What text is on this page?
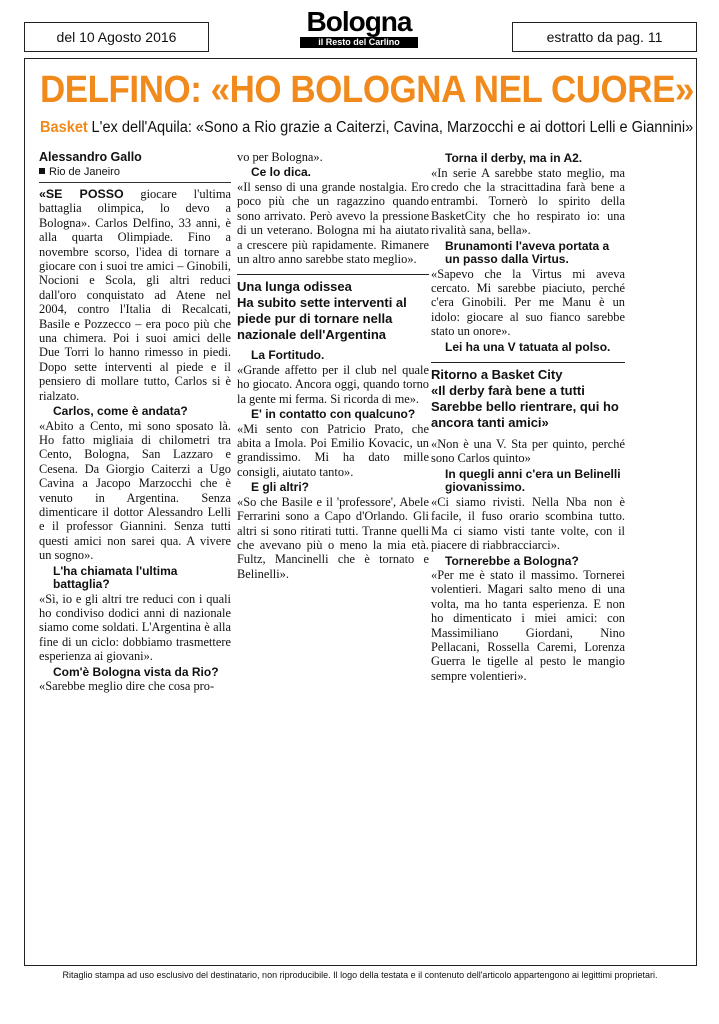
del 10 Agosto 2016	Bologna
il Resto del Carlino	estratto da pag. 11
DELFINO: «HO BOLOGNA NEL CUORE»
Basket L'ex dell'Aquila: «Sono a Rio grazie a Caiterzi, Cavina, Marzocchi e ai dottori Lelli e Giannini»
Alessandro Gallo
Rio de Janeiro

«SE POSSO giocare l'ultima battaglia olimpica, lo devo a Bologna». Carlos Delfino, 33 anni, è alla quarta Olimpiade. Fino a novembre scorso, l'idea di tornare a giocare con i suoi tre amici – Ginobili, Nocioni e Scola, gli altri reduci dall'oro conquistato ad Atene nel 2004, contro l'Italia di Recalcati, Basile e Pozzecco – era poco più che una chimera. Poi i suoi amici delle Due Torri lo hanno rimesso in piedi. Dopo sette interventi al piede e il pensiero di mollare tutto, Carlos si è rialzato.

Carlos, come è andata?

«Abito a Cento, mi sono sposato là. Ho fatto migliaia di chilometri tra Cento, Bologna, San Lazzaro e Cesena. Da Giorgio Caiterzi a Ugo Cavina a Jacopo Marzocchi che è venuto in Argentina. Senza dimenticare il dottor Alessandro Lelli e il professor Giannini. Senza tutti questi amici non sarei qua. A vivere un sogno».

L'ha chiamata l'ultima battaglia?

«Sì, io e gli altri tre reduci con i quali ho condiviso dodici anni di nazionale siamo come soldati. L'Argentina è alla fine di un ciclo: dobbiamo trasmettere esperienza ai giovani».

Com'è Bologna vista da Rio?

«Sarebbe meglio dire che cosa pro-

vo per Bologna».

Ce lo dica.

«Il senso di una grande nostalgia. Ero poco più che un ragazzino quando sono arrivato. Però avevo la pressione di un veterano. Bologna mi ha aiutato a crescere più rapidamente. Rimanere un altro anno sarebbe stato meglio».

Una lunga odissea
Ha subito sette interventi al piede pur di tornare nella nazionale dell'Argentina
La Fortitudo.

«Grande affetto per il club nel quale ho giocato. Ancora oggi, quando torno la gente mi ferma. Si ricorda di me».

E' in contatto con qualcuno?

«Mi sento con Patricio Prato, che abita a Imola. Poi Emilio Kovacic, un grandissimo. Mi ha dato mille consigli, aiutato tanto».

E gli altri?

«So che Basile e il 'professore', Abele Ferrarini sono a Capo d'Orlando. Gli altri si sono ritirati tutti. Tranne quelli che avevano più o meno la mia età. Fultz, Mancinelli che è tornato e Belinelli».

Torna il derby, ma in A2.

«In serie A sarebbe stato meglio, ma credo che la stracittadina farà bene a entrambi. Tornerò lo spirito della BasketCity che ho respirato io: una rivalità sana, bella».

Brunamonti l'aveva portata a un passo dalla Virtus.

«Sapevo che la Virtus mi aveva cercato. Mi sarebbe piaciuto, perché c'era Ginobili. Per me Manu è un idolo: giocare al suo fianco sarebbe stato un onore».

Lei ha una V tatuata al polso.
Ritorno a Basket City
«Il derby farà bene a tutti Sarebbe bello rientrare, qui ho ancora tanti amici»

«Non è una V. Sta per quinto, perché sono Carlos quinto»

In quegli anni c'era un Belinelli giovanissimo.

«Ci siamo rivisti. Nella Nba non è facile, il fuso orario scombina tutto. Ma ci siamo visti tante volte, con il piacere di riabbracciarci».

Tornerebbe a Bologna?

«Per me è stato il massimo. Tornerei volentieri. Magari salto meno di una volta, ma ho tanta esperienza. E non ho dimenticato i miei amici: con Massimiliano Giordani, Nino Pellacani, Rossella Caremi, Lorenza Guerra le tigelle al pesto le mangio sempre volentieri».

Ritaglio stampa ad uso esclusivo del destinatario, non riproducibile. Il logo della testata e il contenuto dell'articolo appartengono ai legittimi proprietari.
